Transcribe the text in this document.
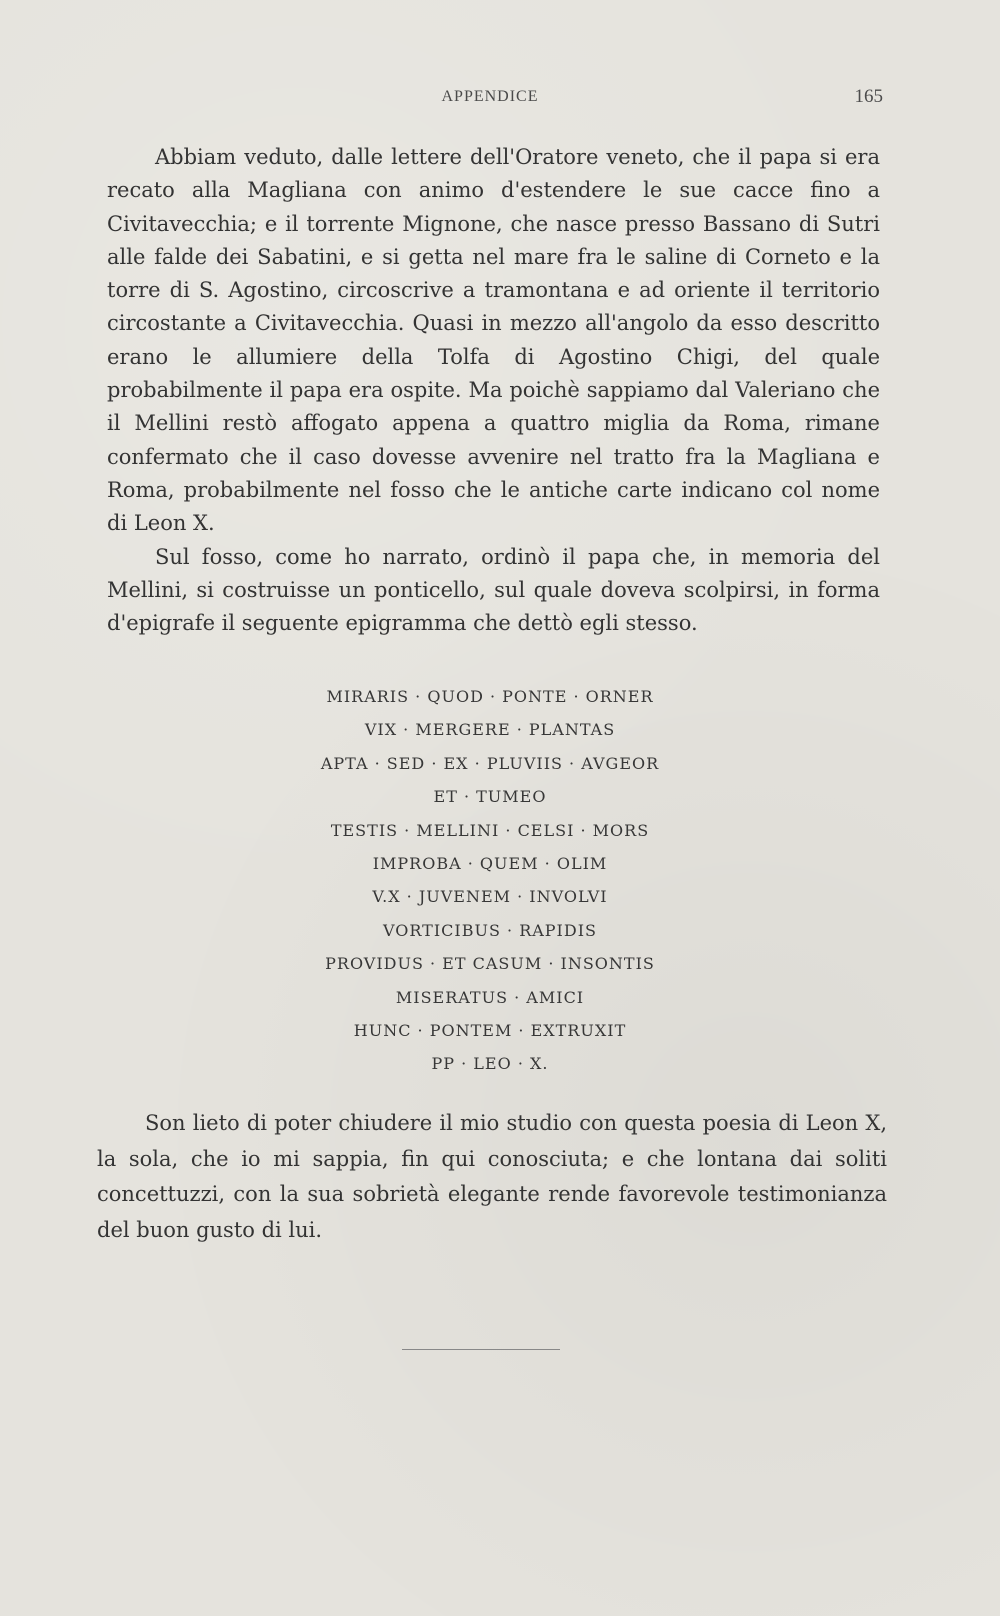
APPENDICE	165

Abbiam veduto, dalle lettere dell'Oratore veneto, che il papa si era recato alla Magliana con animo d'estendere le sue cacce fino a Civitavecchia; e il torrente Mignone, che nasce presso Bassano di Sutri alle falde dei Sabatini, e si getta nel mare fra le saline di Corneto e la torre di S. Agostino, circoscrive a tramontana e ad oriente il territorio circostante a Civitavecchia. Quasi in mezzo all'angolo da esso descritto erano le allumiere della Tolfa di Agostino Chigi, del quale probabilmente il papa era ospite. Ma poichè sappiamo dal Valeriano che il Mellini restò affogato appena a quattro miglia da Roma, rimane confermato che il caso dovesse avvenire nel tratto fra la Magliana e Roma, probabilmente nel fosso che le antiche carte indicano col nome di Leon X.

Sul fosso, come ho narrato, ordinò il papa che, in memoria del Mellini, si costruisse un ponticello, sul quale doveva scolpirsi, in forma d'epigrafe il seguente epigramma che dettò egli stesso.

MIRARIS · QUOD · PONTE · ORNER
VIX · MERGERE · PLANTAS
APTA · SED · EX · PLUVIIS · AVGEOR
ET · TUMEO
TESTIS · MELLINI · CELSI · MORS
IMPROBA · QUEM · OLIM
V.X · JUVENEM · INVOLVI
VORTICIBUS · RAPIDIS
PROVIDUS · ET CASUM · INSONTIS
MISERATUS · AMICI
HUNC · PONTEM · EXTRUXIT
PP · LEO · X.

Son lieto di poter chiudere il mio studio con questa poesia di Leon X, la sola, che io mi sappia, fin qui conosciuta; e che lontana dai soliti concettuzzi, con la sua sobrietà elegante rende favorevole testimonianza del buon gusto di lui.
